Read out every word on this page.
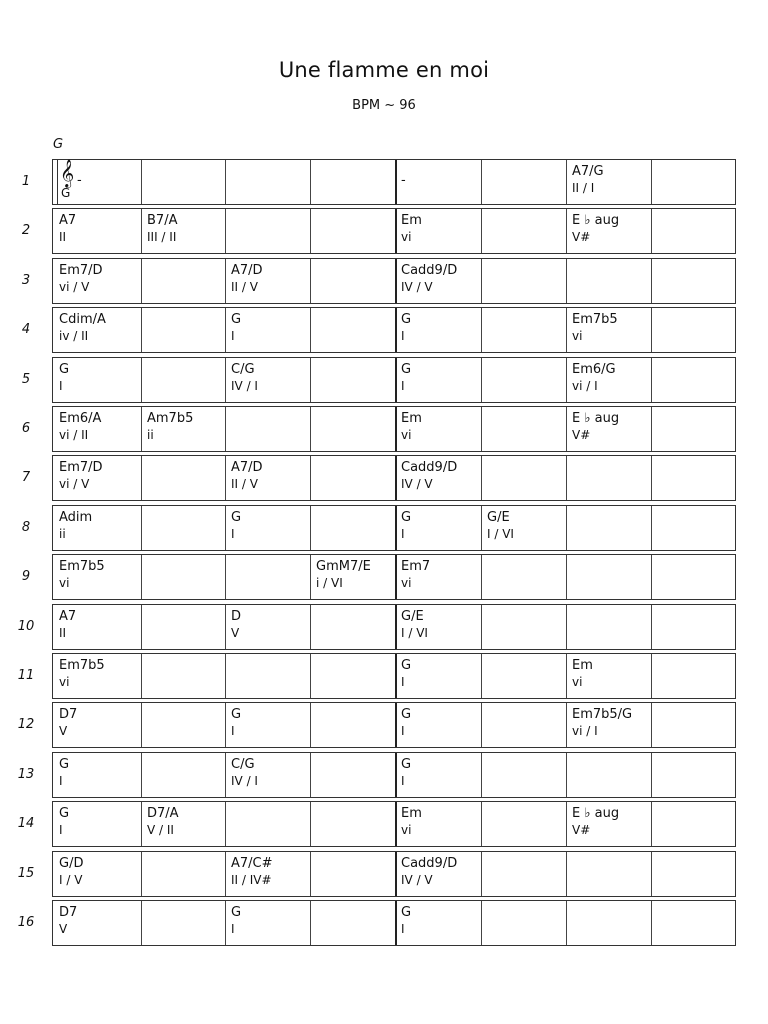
Une flamme en moi
BPM ~ 96
G
1 𝄞 -
G
-
A7/G
II / I
2
A7
II
B7/A
III / II
Em
vi
E ♭ aug
V#
3
Em7/D
vi / V
A7/D
II / V
Cadd9/D
IV / V
4
Cdim/A
iv / II
G
I
G
I
Em7b5
vi
5
G
I
C/G
IV / I
G
I
Em6/G
vi / I
6
Em6/A
vi / II
Am7b5
ii
Em
vi
E ♭ aug
V#
7
Em7/D
vi / V
A7/D
II / V
Cadd9/D
IV / V
8
Adim
ii
G
I
G
I
G/E
I / VI
9
Em7b5
vi
GmM7/E
i / VI
Em7
vi
10
A7
II
D
V
G/E
I / VI
11
Em7b5
vi
G
I
Em
vi
12
D7
V
G
I
G
I
Em7b5/G
vi / I
13
G
I
C/G
IV / I
G
I
14
G
I
D7/A
V / II
Em
vi
E ♭ aug
V#
15
G/D
I / V
A7/C#
II / IV#
Cadd9/D
IV / V
16
D7
V
G
I
G
I
